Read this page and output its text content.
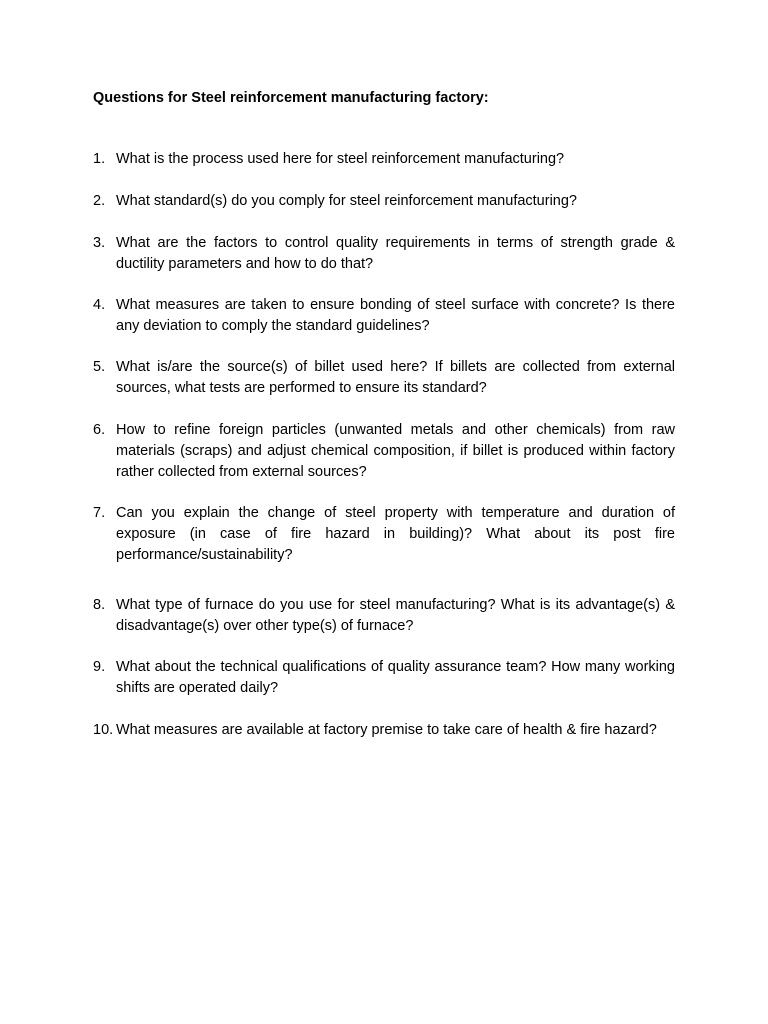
Questions for Steel reinforcement manufacturing factory:
1. What is the process used here for steel reinforcement manufacturing?
2. What standard(s) do you comply for steel reinforcement manufacturing?
3. What are the factors to control quality requirements in terms of strength grade & ductility parameters and how to do that?
4. What measures are taken to ensure bonding of steel surface with concrete? Is there any deviation to comply the standard guidelines?
5. What is/are the source(s) of billet used here? If billets are collected from external sources, what tests are performed to ensure its standard?
6. How to refine foreign particles (unwanted metals and other chemicals) from raw materials (scraps) and adjust chemical composition, if billet is produced within factory rather collected from external sources?
7. Can you explain the change of steel property with temperature and duration of exposure (in case of fire hazard in building)? What about its post fire performance/sustainability?
8. What type of furnace do you use for steel manufacturing? What is its advantage(s) & disadvantage(s) over other type(s) of furnace?
9. What about the technical qualifications of quality assurance team? How many working shifts are operated daily?
10. What measures are available at factory premise to take care of health & fire hazard?
